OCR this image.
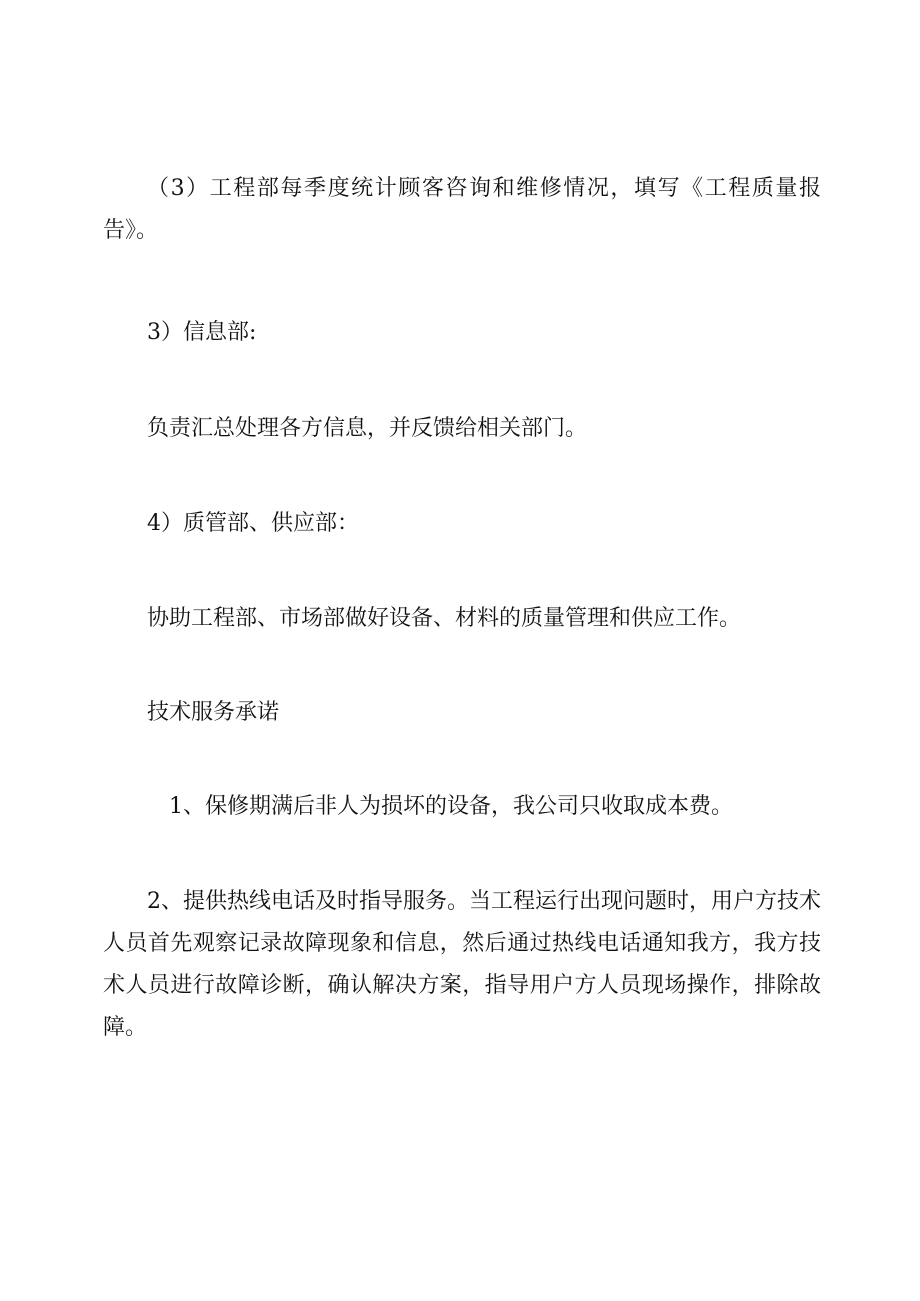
（3）工程部每季度统计顾客咨询和维修情况，填写《工程质量报告》。

3）信息部:

负责汇总处理各方信息，并反馈给相关部门。

4）质管部、供应部：

协助工程部、市场部做好设备、材料的质量管理和供应工作。

技术服务承诺

1、保修期满后非人为损坏的设备，我公司只收取成本费。

2、提供热线电话及时指导服务。当工程运行出现问题时，用户方技术人员首先观察记录故障现象和信息，然后通过热线电话通知我方，我方技术人员进行故障诊断，确认解决方案，指导用户方人员现场操作，排除故障。
